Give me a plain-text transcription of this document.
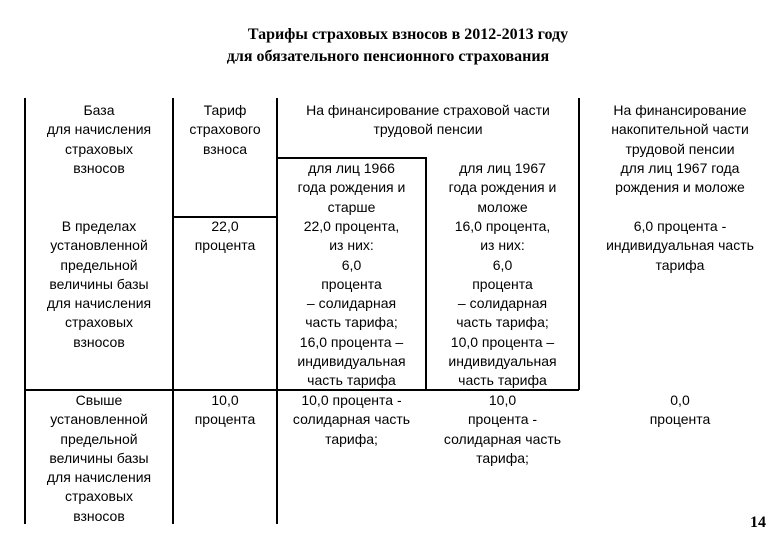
Тарифы страховых взносов в 2012-2013 году
для обязательного пенсионного страхования
База
для начисления
страховых
взносов
Тариф
страхового
взноса
На финансирование страховой части
трудовой пенсии
На финансирование
накопительной части
трудовой пенсии
для лиц 1967 года
рождения и моложе
для лиц 1966
года рождения и
старше
для лиц 1967
года рождения и
моложе
В пределах
установленной
предельной
величины базы
для начисления
страховых
взносов
22,0
процента
22,0 процента,
из них:
6,0
процента
– солидарная
часть тарифа;
16,0 процента –
индивидуальная
часть тарифа
16,0 процента,
из них:
6,0
процента
– солидарная
часть тарифа;
10,0 процента –
индивидуальная
часть тарифа
6,0 процента -
индивидуальная часть
тарифа
Свыше
установленной
предельной
величины базы
для начисления
страховых
взносов
10,0
процента
10,0 процента -
солидарная часть
тарифа;
10,0
процента -
солидарная часть
тарифа;
0,0
процента
14
